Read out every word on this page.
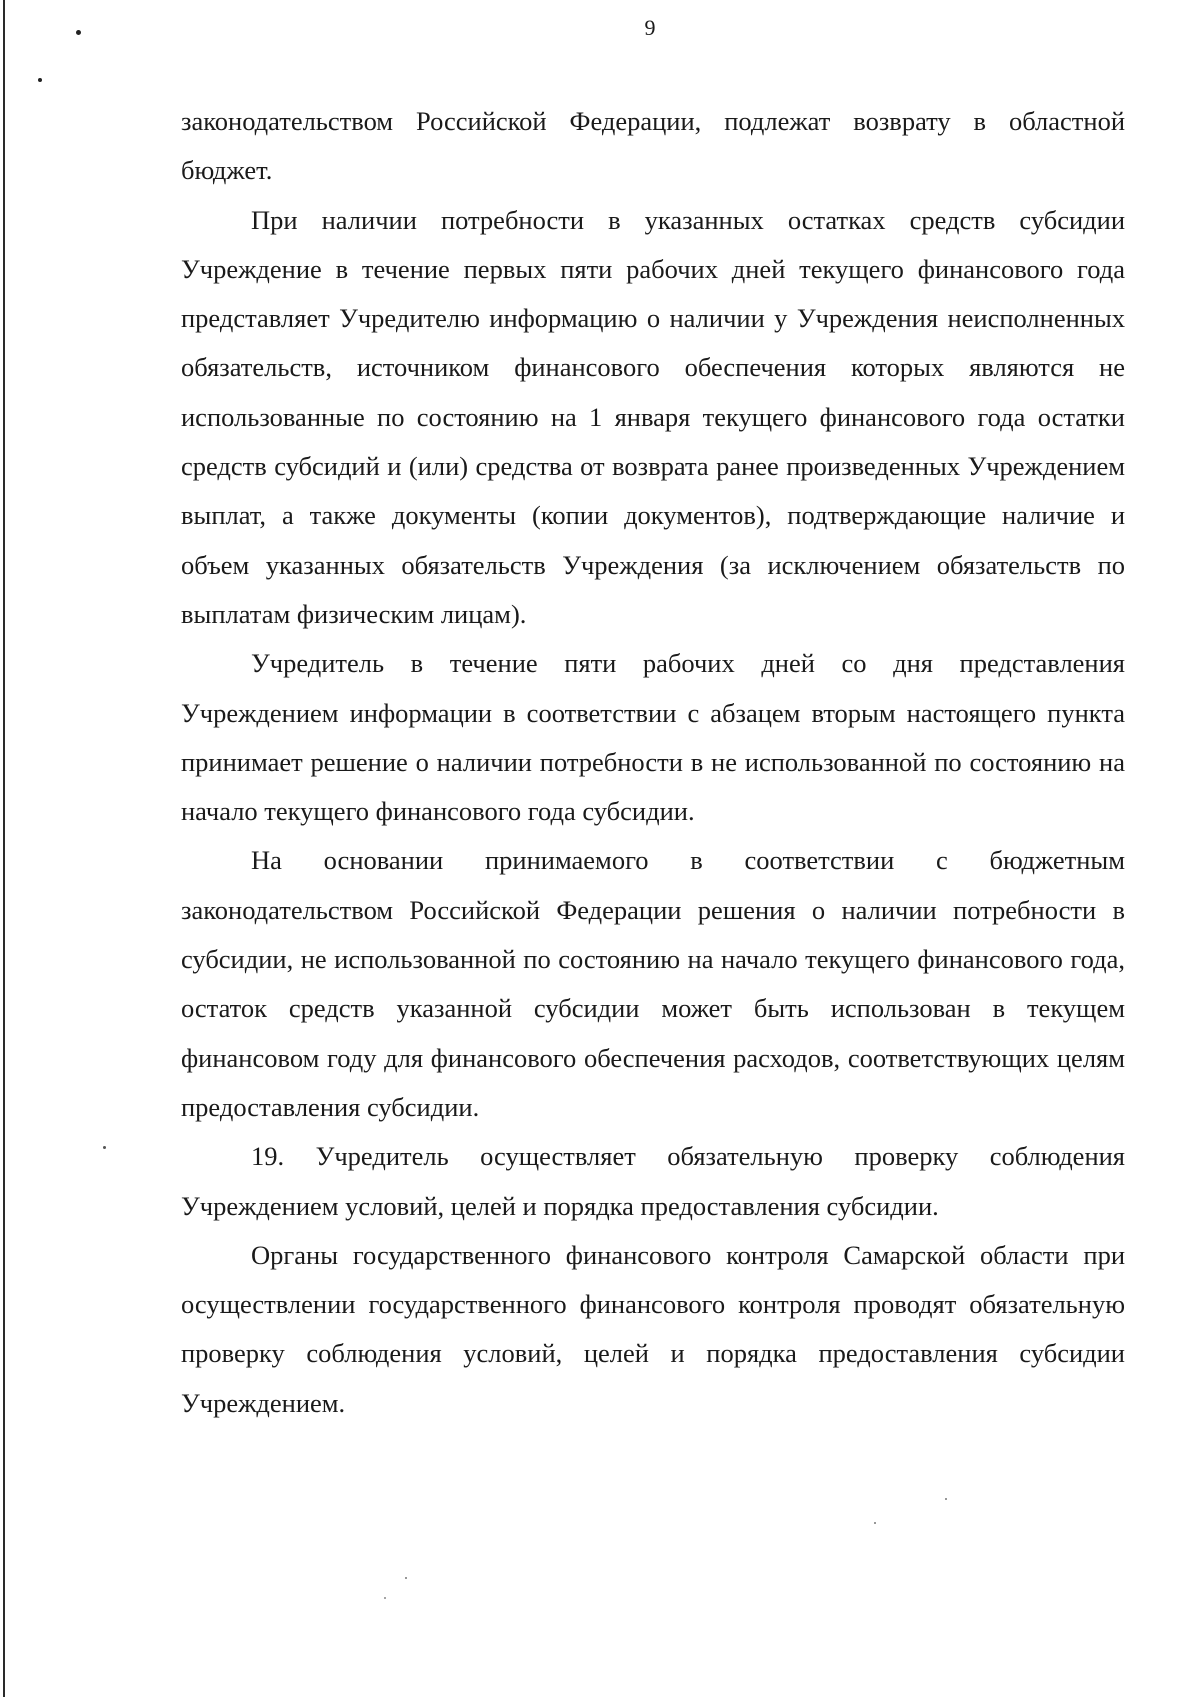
9

законодательством Российской Федерации, подлежат возврату в областной бюджет.

При наличии потребности в указанных остатках средств субсидии Учреждение в течение первых пяти рабочих дней текущего финансового года представляет Учредителю информацию о наличии у Учреждения неисполненных обязательств, источником финансового обеспечения которых являются не использованные по состоянию на 1 января текущего финансового года остатки средств субсидий и (или) средства от возврата ранее произведенных Учреждением выплат, а также документы (копии документов), подтверждающие наличие и объем указанных обязательств Учреждения (за исключением обязательств по выплатам физическим лицам).

Учредитель в течение пяти рабочих дней со дня представления Учреждением информации в соответствии с абзацем вторым настоящего пункта принимает решение о наличии потребности в не использованной по состоянию на начало текущего финансового года субсидии.

На основании принимаемого в соответствии с бюджетным законодательством Российской Федерации решения о наличии потребности в субсидии, не использованной по состоянию на начало текущего финансового года, остаток средств указанной субсидии может быть использован в текущем финансовом году для финансового обеспечения расходов, соответствующих целям предоставления субсидии.

19. Учредитель осуществляет обязательную проверку соблюдения Учреждением условий, целей и порядка предоставления субсидии.

Органы государственного финансового контроля Самарской области при осуществлении государственного финансового контроля проводят обязательную проверку соблюдения условий, целей и порядка предоставления субсидии Учреждением.
